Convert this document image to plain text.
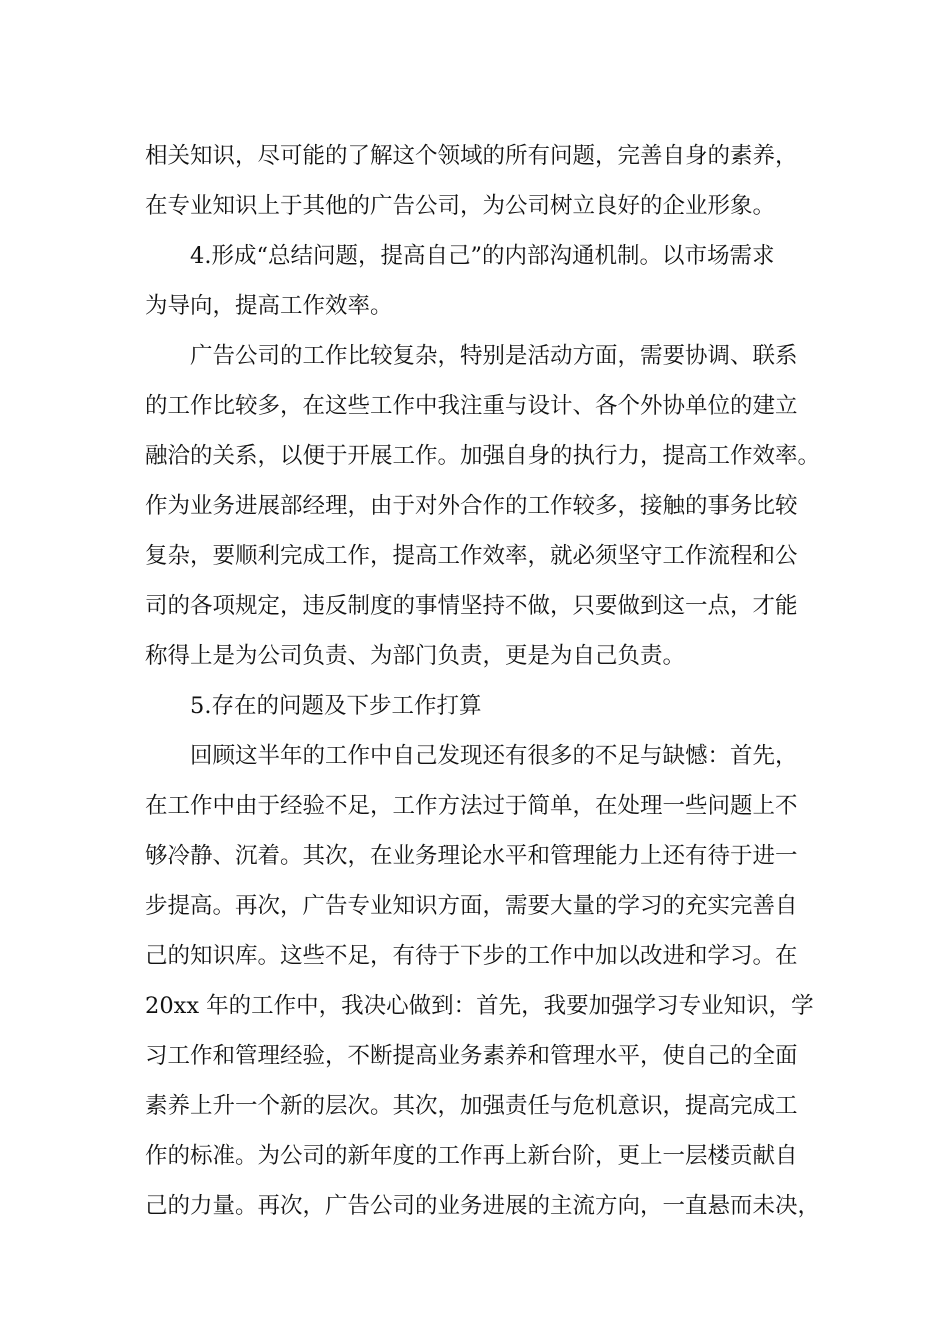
相关知识，尽可能的了解这个领域的所有问题，完善自身的素养，
在专业知识上于其他的广告公司，为公司树立良好的企业形象。
4.形成“总结问题，提高自己”的内部沟通机制。以市场需求
为导向，提高工作效率。
广告公司的工作比较复杂，特别是活动方面，需要协调、联系
的工作比较多，在这些工作中我注重与设计、各个外协单位的建立
融洽的关系，以便于开展工作。加强自身的执行力，提高工作效率。
作为业务进展部经理，由于对外合作的工作较多，接触的事务比较
复杂，要顺利完成工作，提高工作效率，就必须坚守工作流程和公
司的各项规定，违反制度的事情坚持不做，只要做到这一点，才能
称得上是为公司负责、为部门负责，更是为自己负责。
5.存在的问题及下步工作打算
回顾这半年的工作中自己发现还有很多的不足与缺憾：首先，
在工作中由于经验不足，工作方法过于简单，在处理一些问题上不
够冷静、沉着。其次，在业务理论水平和管理能力上还有待于进一
步提高。再次，广告专业知识方面，需要大量的学习的充实完善自
己的知识库。这些不足，有待于下步的工作中加以改进和学习。在
20xx 年的工作中，我决心做到：首先，我要加强学习专业知识，学
习工作和管理经验，不断提高业务素养和管理水平，使自己的全面
素养上升一个新的层次。其次，加强责任与危机意识，提高完成工
作的标准。为公司的新年度的工作再上新台阶，更上一层楼贡献自
己的力量。再次，广告公司的业务进展的主流方向，一直悬而未决，
